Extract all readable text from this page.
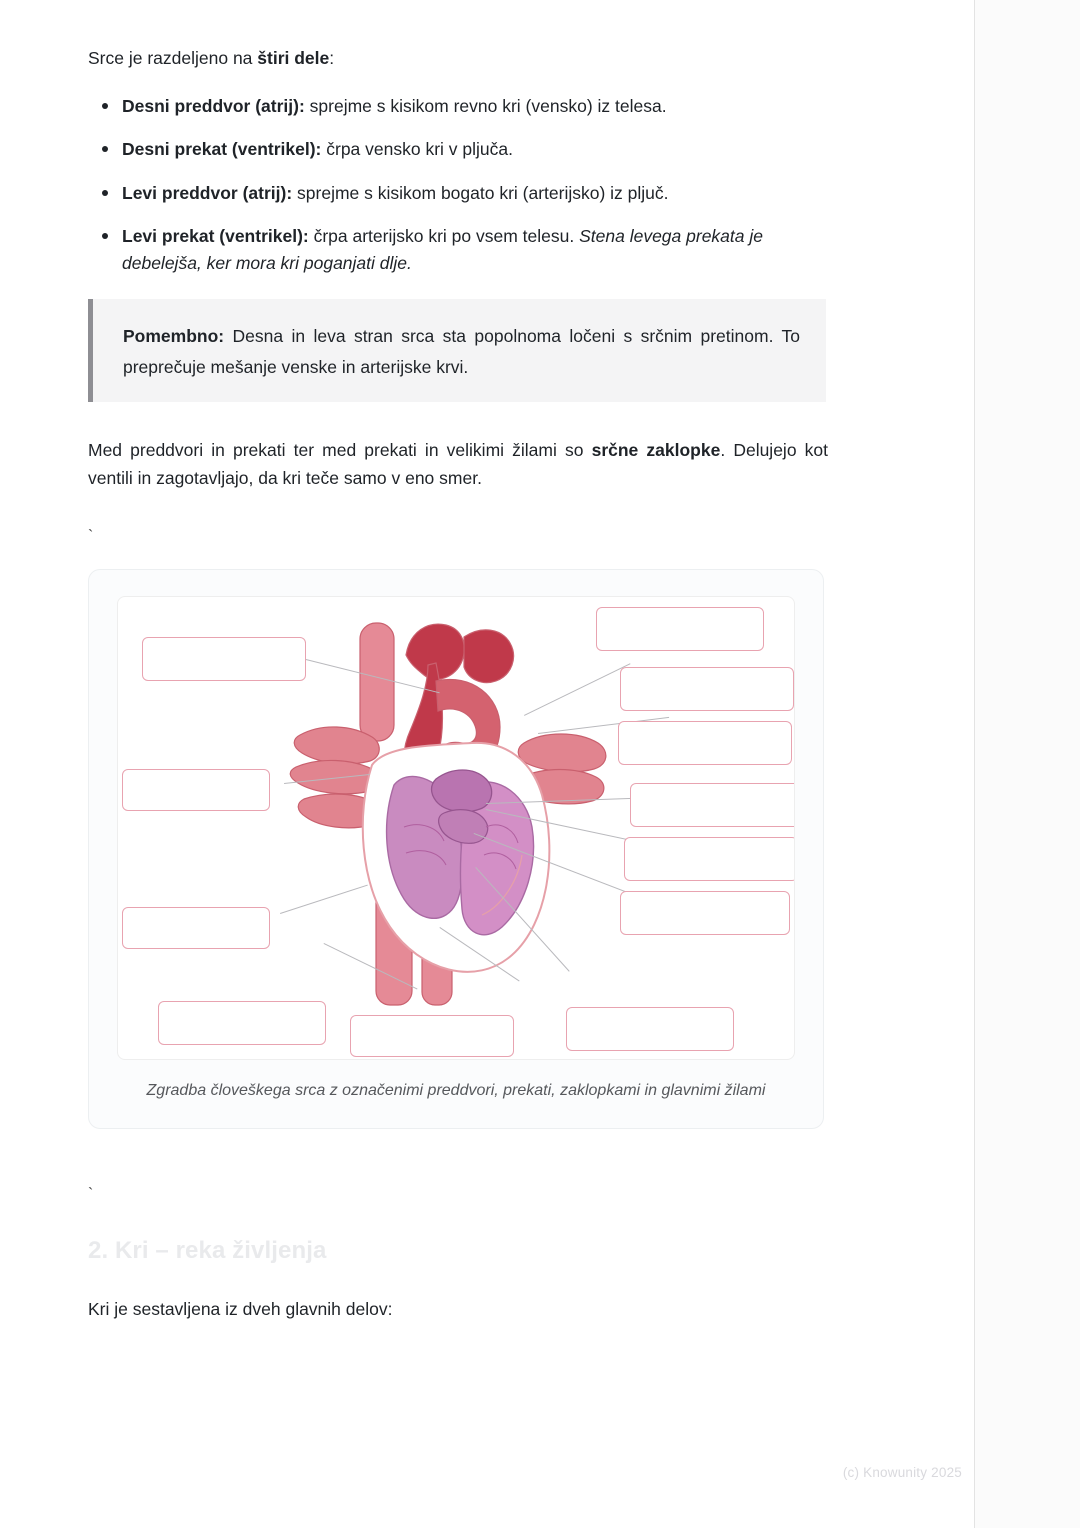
Srce je razdeljeno na štiri dele:

Desni preddvor (atrij): sprejme s kisikom revno kri (vensko) iz telesa.
Desni prekat (ventrikel): črpa vensko kri v pljuča.
Levi preddvor (atrij): sprejme s kisikom bogato kri (arterijsko) iz pljuč.
Levi prekat (ventrikel): črpa arterijsko kri po vsem telesu. Stena levega prekata je debelejša, ker mora kri poganjati dlje.

Pomembno: Desna in leva stran srca sta popolnoma ločeni s srčnim pretinom. To preprečuje mešanje venske in arterijske krvi.

Med preddvori in prekati ter med prekati in velikimi žilami so srčne zaklopke. Delujejo kot ventili in zagotavljajo, da kri teče samo v eno smer.

`
Zgradba človeškega srca z označenimi preddvori, prekati, zaklopkami in glavnimi žilami
`
2. Kri – reka življenja

Kri je sestavljena iz dveh glavnih delov:

(c) Knowunity 2025
